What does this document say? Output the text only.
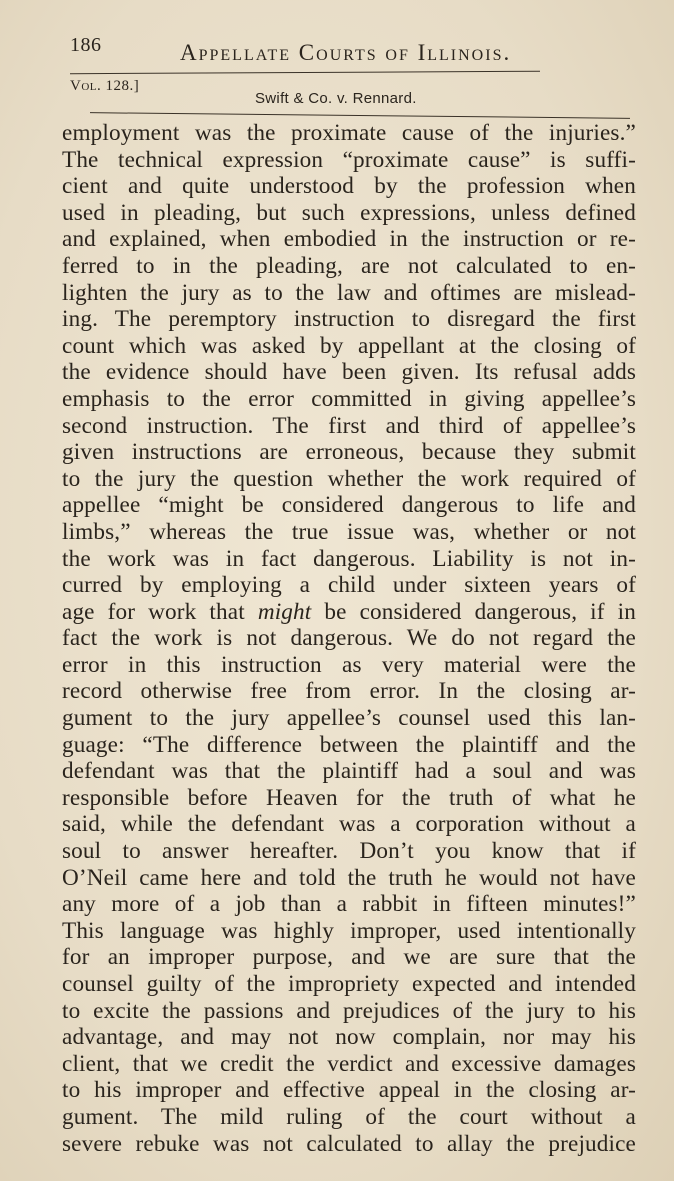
186	Appellate Courts of Illinois.
Vol. 128.]
Swift & Co. v. Rennard.
employment was the proximate cause of the injuries.”
The technical expression “proximate cause” is suffi-
cient and quite understood by the profession when
used in pleading, but such expressions, unless defined
and explained, when embodied in the instruction or re-
ferred to in the pleading, are not calculated to en-
lighten the jury as to the law and oftimes are mislead-
ing. The peremptory instruction to disregard the first
count which was asked by appellant at the closing of
the evidence should have been given. Its refusal adds
emphasis to the error committed in giving appellee’s
second instruction. The first and third of appellee’s
given instructions are erroneous, because they submit
to the jury the question whether the work required of
appellee “might be considered dangerous to life and
limbs,” whereas the true issue was, whether or not
the work was in fact dangerous. Liability is not in-
curred by employing a child under sixteen years of
age for work that might be considered dangerous, if in
fact the work is not dangerous. We do not regard the
error in this instruction as very material were the
record otherwise free from error. In the closing ar-
gument to the jury appellee’s counsel used this lan-
guage: “The difference between the plaintiff and the
defendant was that the plaintiff had a soul and was
responsible before Heaven for the truth of what he
said, while the defendant was a corporation without a
soul to answer hereafter. Don’t you know that if
O’Neil came here and told the truth he would not have
any more of a job than a rabbit in fifteen minutes!”
This language was highly improper, used intentionally
for an improper purpose, and we are sure that the
counsel guilty of the impropriety expected and intended
to excite the passions and prejudices of the jury to his
advantage, and may not now complain, nor may his
client, that we credit the verdict and excessive damages
to his improper and effective appeal in the closing ar-
gument. The mild ruling of the court without a
severe rebuke was not calculated to allay the prejudice
